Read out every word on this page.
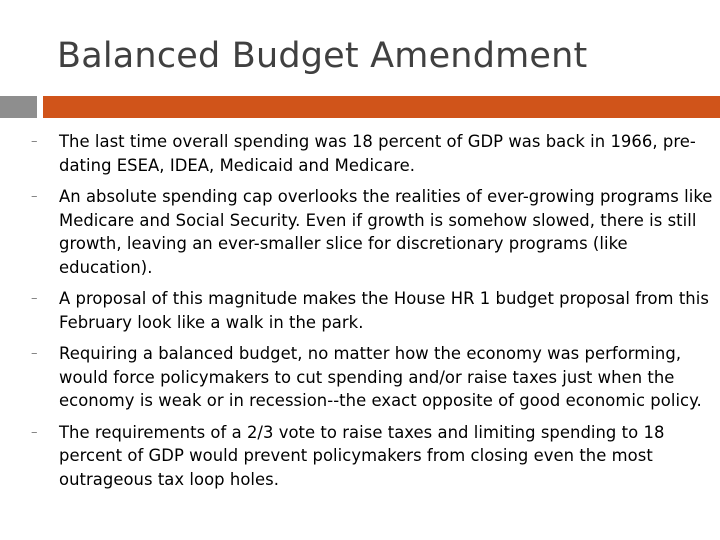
Balanced Budget Amendment
– The last time overall spending was 18 percent of GDP was back in 1966, pre-dating ESEA, IDEA, Medicaid and Medicare.
– An absolute spending cap overlooks the realities of ever-growing programs like Medicare and Social Security. Even if growth is somehow slowed, there is still growth, leaving an ever-smaller slice for discretionary programs (like education).
– A proposal of this magnitude makes the House HR 1 budget proposal from this February look like a walk in the park.
– Requiring a balanced budget, no matter how the economy was performing, would force policymakers to cut spending and/or raise taxes just when the economy is weak or in recession--the exact opposite of good economic policy.
– The requirements of a 2/3 vote to raise taxes and limiting spending to 18 percent of GDP would prevent policymakers from closing even the most outrageous tax loop holes.
